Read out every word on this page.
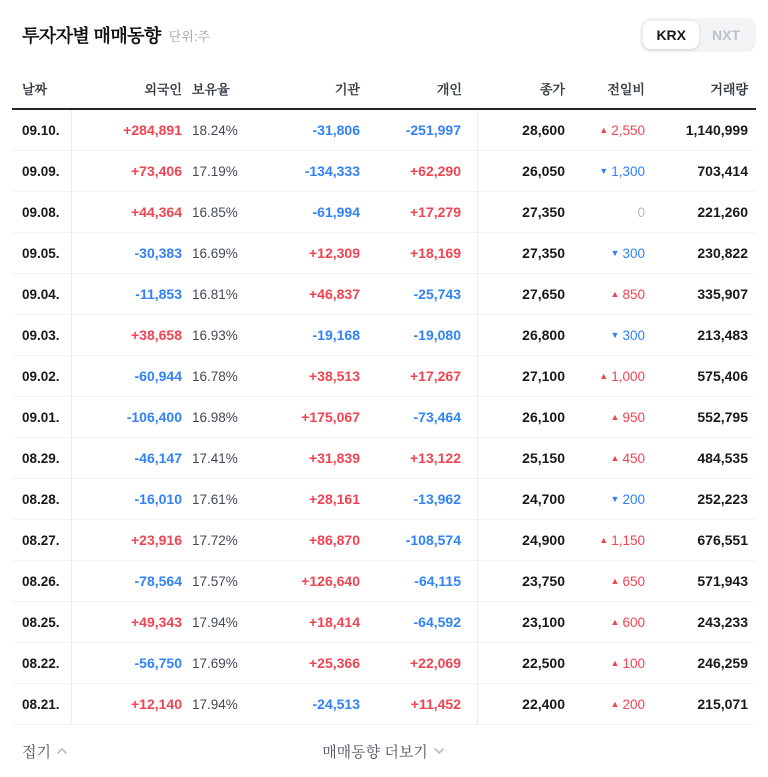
투자자별 매매동향 단위:주	KRX	NXT
날짜	외국인 보유율	기관	개인	종가	전일비	거래량
09.10.	+284,891 18.24%	-31,806	-251,997	28,600	▲ 2,550	1,140,999
09.09.	+73,406 17.19%	-134,333	+62,290	26,050	▼ 1,300	703,414
09.08.	+44,364 16.85%	-61,994	+17,279	27,350	0	221,260
09.05.	-30,383 16.69%	+12,309	+18,169	27,350	▼ 300	230,822
09.04.	-11,853 16.81%	+46,837	-25,743	27,650	▲ 850	335,907
09.03.	+38,658 16.93%	-19,168	-19,080	26,800	▼ 300	213,483
09.02.	-60,944 16.78%	+38,513	+17,267	27,100	▲ 1,000	575,406
09.01.	-106,400 16.98%	+175,067	-73,464	26,100	▲ 950	552,795
08.29.	-46,147 17.41%	+31,839	+13,122	25,150	▲ 450	484,535
08.28.	-16,010 17.61%	+28,161	-13,962	24,700	▼ 200	252,223
08.27.	+23,916 17.72%	+86,870	-108,574	24,900	▲ 1,150	676,551
08.26.	-78,564 17.57%	+126,640	-64,115	23,750	▲ 650	571,943
08.25.	+49,343 17.94%	+18,414	-64,592	23,100	▲ 600	243,233
08.22.	-56,750 17.69%	+25,366	+22,069	22,500	▲ 100	246,259
08.21.	+12,140 17.94%	-24,513	+11,452	22,400	▲ 200	215,071
접기	매매동향 더보기
